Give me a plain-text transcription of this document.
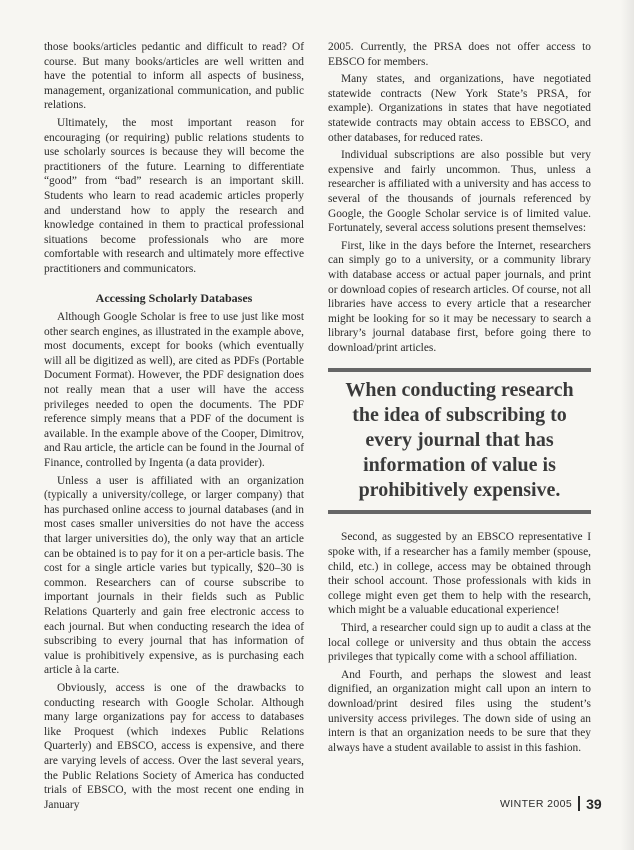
those books/articles pedantic and difficult to read? Of course. But many books/articles are well written and have the potential to inform all aspects of business, management, organizational communication, and public relations.

Ultimately, the most important reason for encouraging (or requiring) public relations students to use scholarly sources is because they will become the practitioners of the future. Learning to differentiate “good” from “bad” research is an important skill. Students who learn to read academic articles properly and understand how to apply the research and knowledge contained in them to practical professional situations become professionals who are more comfortable with research and ultimately more effective practitioners and communicators.

Accessing Scholarly Databases

Although Google Scholar is free to use just like most other search engines, as illustrated in the example above, most documents, except for books (which eventually will all be digitized as well), are cited as PDFs (Portable Document Format). However, the PDF designation does not really mean that a user will have the access privileges needed to open the documents. The PDF reference simply means that a PDF of the document is available. In the example above of the Cooper, Dimitrov, and Rau article, the article can be found in the Journal of Finance, controlled by Ingenta (a data provider).

Unless a user is affiliated with an organization (typically a university/college, or larger company) that has purchased online access to journal databases (and in most cases smaller universities do not have the access that larger universities do), the only way that an article can be obtained is to pay for it on a per-article basis. The cost for a single article varies but typically, $20–30 is common. Researchers can of course subscribe to important journals in their fields such as Public Relations Quarterly and gain free electronic access to each journal. But when conducting research the idea of subscribing to every journal that has information of value is prohibitively expensive, as is purchasing each article à la carte.

Obviously, access is one of the drawbacks to conducting research with Google Scholar. Although many large organizations pay for access to databases like Proquest (which indexes Public Relations Quarterly) and EBSCO, access is expensive, and there are varying levels of access. Over the last several years, the Public Relations Society of America has conducted trials of EBSCO, with the most recent one ending in January

2005. Currently, the PRSA does not offer access to EBSCO for members.

Many states, and organizations, have negotiated statewide contracts (New York State’s PRSA, for example). Organizations in states that have negotiated statewide contracts may obtain access to EBSCO, and other databases, for reduced rates.

Individual subscriptions are also possible but very expensive and fairly uncommon. Thus, unless a researcher is affiliated with a university and has access to several of the thousands of journals referenced by Google, the Google Scholar service is of limited value. Fortunately, several access solutions present themselves:

First, like in the days before the Internet, researchers can simply go to a university, or a community library with database access or actual paper journals, and print or download copies of research articles. Of course, not all libraries have access to every article that a researcher might be looking for so it may be necessary to search a library’s journal database first, before going there to download/print articles.

When conducting research the idea of subscribing to every journal that has information of value is prohibitively expensive.

Second, as suggested by an EBSCO representative I spoke with, if a researcher has a family member (spouse, child, etc.) in college, access may be obtained through their school account. Those professionals with kids in college might even get them to help with the research, which might be a valuable educational experience!

Third, a researcher could sign up to audit a class at the local college or university and thus obtain the access privileges that typically come with a school affiliation.

And Fourth, and perhaps the slowest and least dignified, an organization might call upon an intern to download/print desired files using the student’s university access privileges. The down side of using an intern is that an organization needs to be sure that they always have a student available to assist in this fashion.

WINTER 2005 39
